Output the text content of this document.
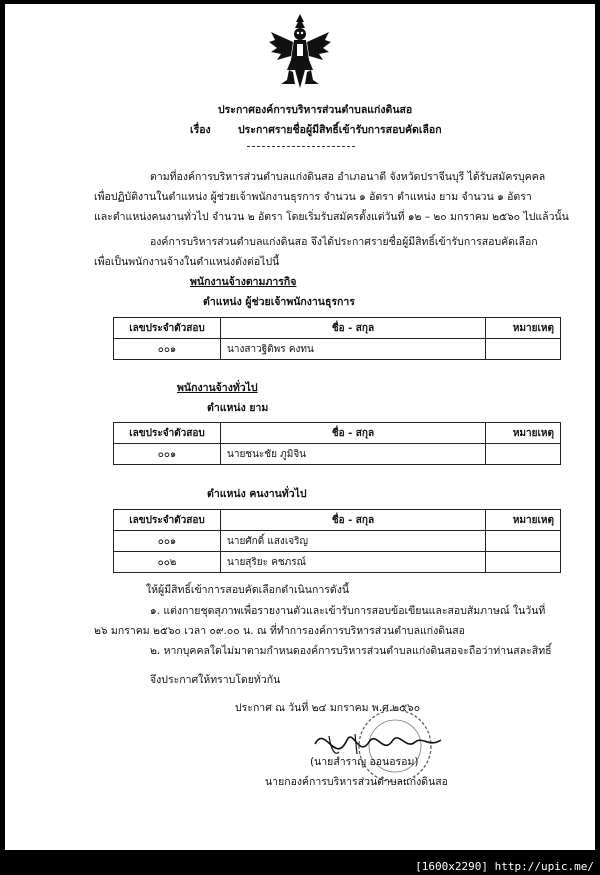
ประกาศองค์การบริหารส่วนตำบลแก่งดินสอ
เรื่อง	ประกาศรายชื่อผู้มีสิทธิ์เข้ารับการสอบคัดเลือก
ตามที่องค์การบริหารส่วนตำบลแก่งดินสอ อำเภอนาดี จังหวัดปราจีนบุรี ได้รับสมัครบุคคล
เพื่อปฏิบัติงานในตำแหน่ง ผู้ช่วยเจ้าพนักงานธุรการ จำนวน ๑ อัตรา ตำแหน่ง ยาม จำนวน ๑ อัตรา
และตำแหน่งคนงานทั่วไป จำนวน ๒ อัตรา โดยเริ่มรับสมัครตั้งแต่วันที่ ๑๒ – ๒๐ มกราคม ๒๕๖๐ ไปแล้วนั้น
องค์การบริหารส่วนตำบลแก่งดินสอ จึงได้ประกาศรายชื่อผู้มีสิทธิ์เข้ารับการสอบคัดเลือก
เพื่อเป็นพนักงานจ้างในตำแหน่งดังต่อไปนี้
พนักงานจ้างตามภารกิจ
ตำแหน่ง ผู้ช่วยเจ้าพนักงานธุรการ
เลขประจำตัวสอบ	ชื่อ - สกุล	หมายเหตุ
๐๐๑	นางสาวฐิติพร คงทน	
พนักงานจ้างทั่วไป
ตำแหน่ง ยาม
เลขประจำตัวสอบ	ชื่อ - สกุล	หมายเหตุ
๐๐๑	นายชนะชัย ภูมิจิน	
ตำแหน่ง คนงานทั่วไป
เลขประจำตัวสอบ	ชื่อ - สกุล	หมายเหตุ
๐๐๑	นายศักดิ์ แสงเจริญ	
๐๐๒	นายสุริยะ คชภรณ์	
ให้ผู้มีสิทธิ์เข้าการสอบคัดเลือกดำเนินการดังนี้
๑. แต่งกายชุดสุภาพเพื่อรายงานตัวและเข้ารับการสอบข้อเขียนและสอบสัมภาษณ์ ในวันที่
๒๖ มกราคม ๒๕๖๐ เวลา ๐๙.๐๐ น. ณ ที่ทำการองค์การบริหารส่วนตำบลแก่งดินสอ
๒. หากบุคคลใดไม่มาตามกำหนดองค์การบริหารส่วนตำบลแก่งดินสอจะถือว่าท่านสละสิทธิ์
จึงประกาศให้ทราบโดยทั่วกัน
ประกาศ ณ วันที่ ๒๔ มกราคม พ.ศ.๒๕๖๐
(นายสำราญ ออนอรอม)
นายกองค์การบริหารส่วนตำบลแก่งดินสอ
[1600x2290] http://upic.me/
